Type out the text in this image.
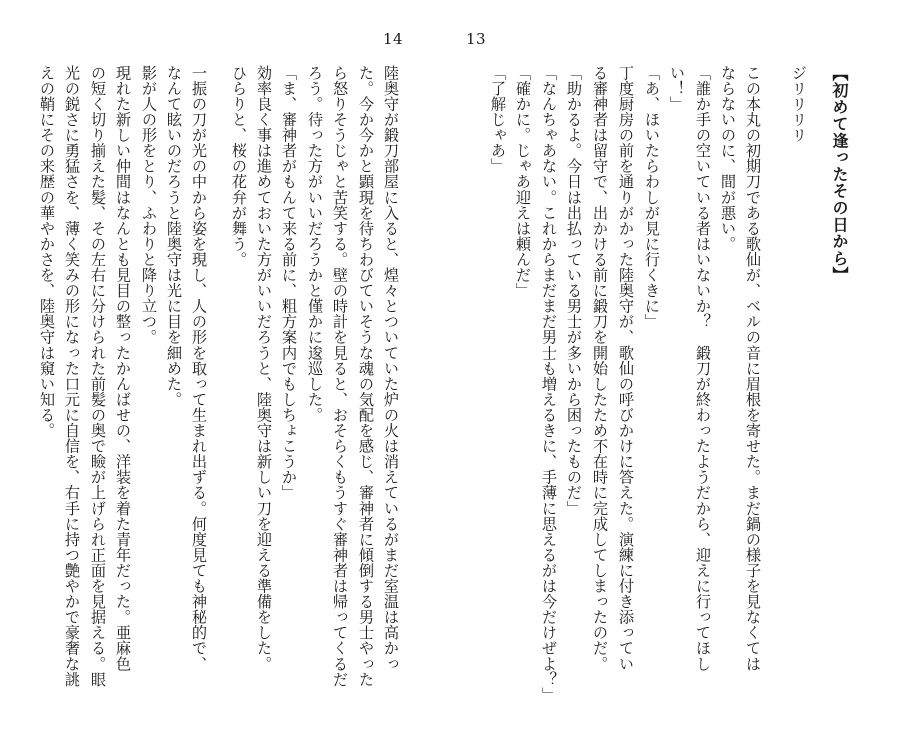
14	13
【初めて逢ったその日から】
ジリリリリ
この本丸の初期刀である歌仙が、ベルの音に眉根を寄せた。まだ鍋の様子を見なくては
ならないのに、間が悪い。
「誰か手の空いている者はいないか？　鍛刀が終わったようだから、迎えに行ってほし
い！」
「あ、ほいたらわしが見に行くきに」
丁度厨房の前を通りがかった陸奥守が、歌仙の呼びかけに答えた。演練に付き添ってい
る審神者は留守で、出かける前に鍛刀を開始したため不在時に完成してしまったのだ。
「助かるよ。今日は出払っている男士が多いから困ったものだ」
「なんちゃあない。これからまだまだ男士も増えるきに、手薄に思えるがは今だけぜよ？」
「確かに。じゃあ迎えは頼んだ」
「了解じゃあ」
陸奥守が鍛刀部屋に入ると、煌々とついていた炉の火は消えているがまだ室温は高かっ
た。今か今かと顕現を待ちわびていそうな魂の気配を感じ、審神者に傾倒する男士やった
ら怒りそうじゃと苦笑する。壁の時計を見ると、おそらくもうすぐ審神者は帰ってくるだ
ろう。待った方がいいだろうかと僅かに逡巡した。
「ま、審神者がもんて来る前に、粗方案内でもしちょこうか」
効率良く事は進めておいた方がいいだろうと、陸奥守は新しい刀を迎える準備をした。
ひらりと、桜の花弁が舞う。
一振の刀が光の中から姿を現し、人の形を取って生まれ出ずる。何度見ても神秘的で、
なんて眩いのだろうと陸奥守は光に目を細めた。
影が人の形をとり、ふわりと降り立つ。
現れた新しい仲間はなんとも見目の整ったかんばせの、洋装を着た青年だった。亜麻色
の短く切り揃えた髪、その左右に分けられた前髪の奥で瞼が上げられ正面を見据える。眼
光の鋭さに勇猛さを、薄く笑みの形になった口元に自信を、右手に持つ艶やかで豪奢な誂
えの鞘にその来歴の華やかさを、陸奥守は窺い知る。
